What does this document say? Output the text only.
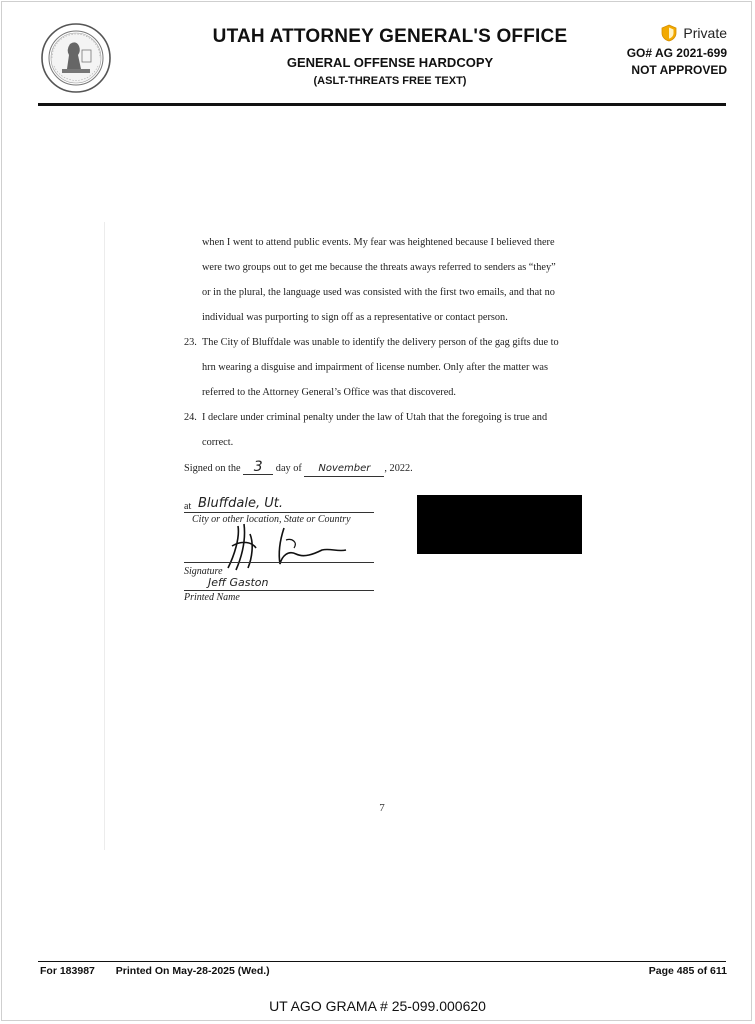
UTAH ATTORNEY GENERAL'S OFFICE
GENERAL OFFENSE HARDCOPY
(ASLT-THREATS FREE TEXT)
Private
GO# AG 2021-699
NOT APPROVED
when I went to attend public events. My fear was heightened because I believed there
were two groups out to get me because the threats aways referred to senders as “they”
or in the plural, the language used was consisted with the first two emails, and that no
individual was purporting to sign off as a representative or contact person.
23. The City of Bluffdale was unable to identify the delivery person of the gag gifts due to
hrn wearing a disguise and impairment of license number. Only after the matter was
referred to the Attorney General’s Office was that discovered.
24. I declare under criminal penalty under the law of Utah that the foregoing is true and
correct.
Signed on the 3 day of November , 2022.
at Bluffdale, Ut.
City or other location, State or Country
Signature
Jeff Gaston
Printed Name
7
For 183987 Printed On May-28-2025 (Wed.)	Page 485 of 611
UT AGO GRAMA # 25-099.000620
